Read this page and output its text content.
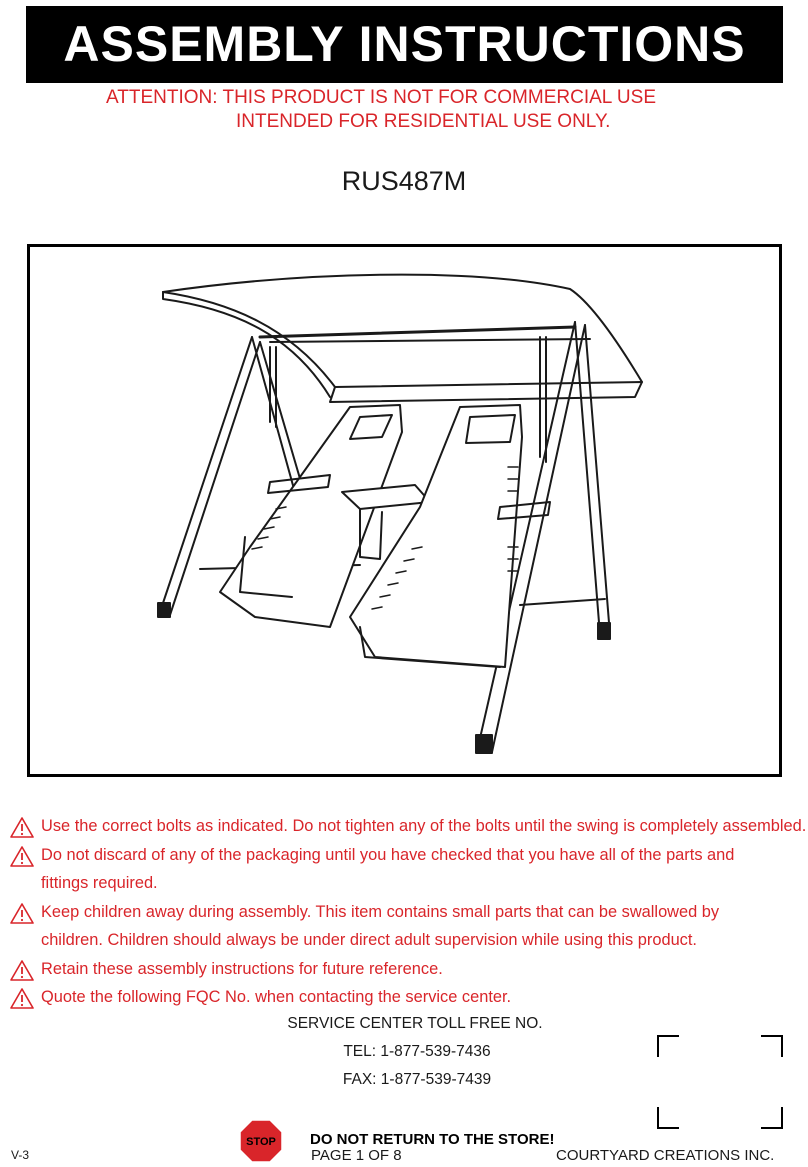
ASSEMBLY INSTRUCTIONS
ATTENTION: THIS PRODUCT IS NOT FOR COMMERCIAL USE
INTENDED FOR RESIDENTIAL USE ONLY.
RUS487M
Use the correct bolts as indicated. Do not tighten any of the bolts until the swing is completely assembled.
Do not discard of any of the packaging until you have checked that you have all of the parts and
fittings required.
Keep children away during assembly. This item contains small parts that can be swallowed by
children. Children should always be under direct adult supervision while using this product.
Retain these assembly instructions for future reference.
Quote the following FQC No. when contacting the service center.
SERVICE CENTER TOLL FREE NO.
TEL: 1-877-539-7436
FAX: 1-877-539-7439
STOP DO NOT RETURN TO THE STORE!
V-3	PAGE 1 OF 8	COURTYARD CREATIONS INC.
